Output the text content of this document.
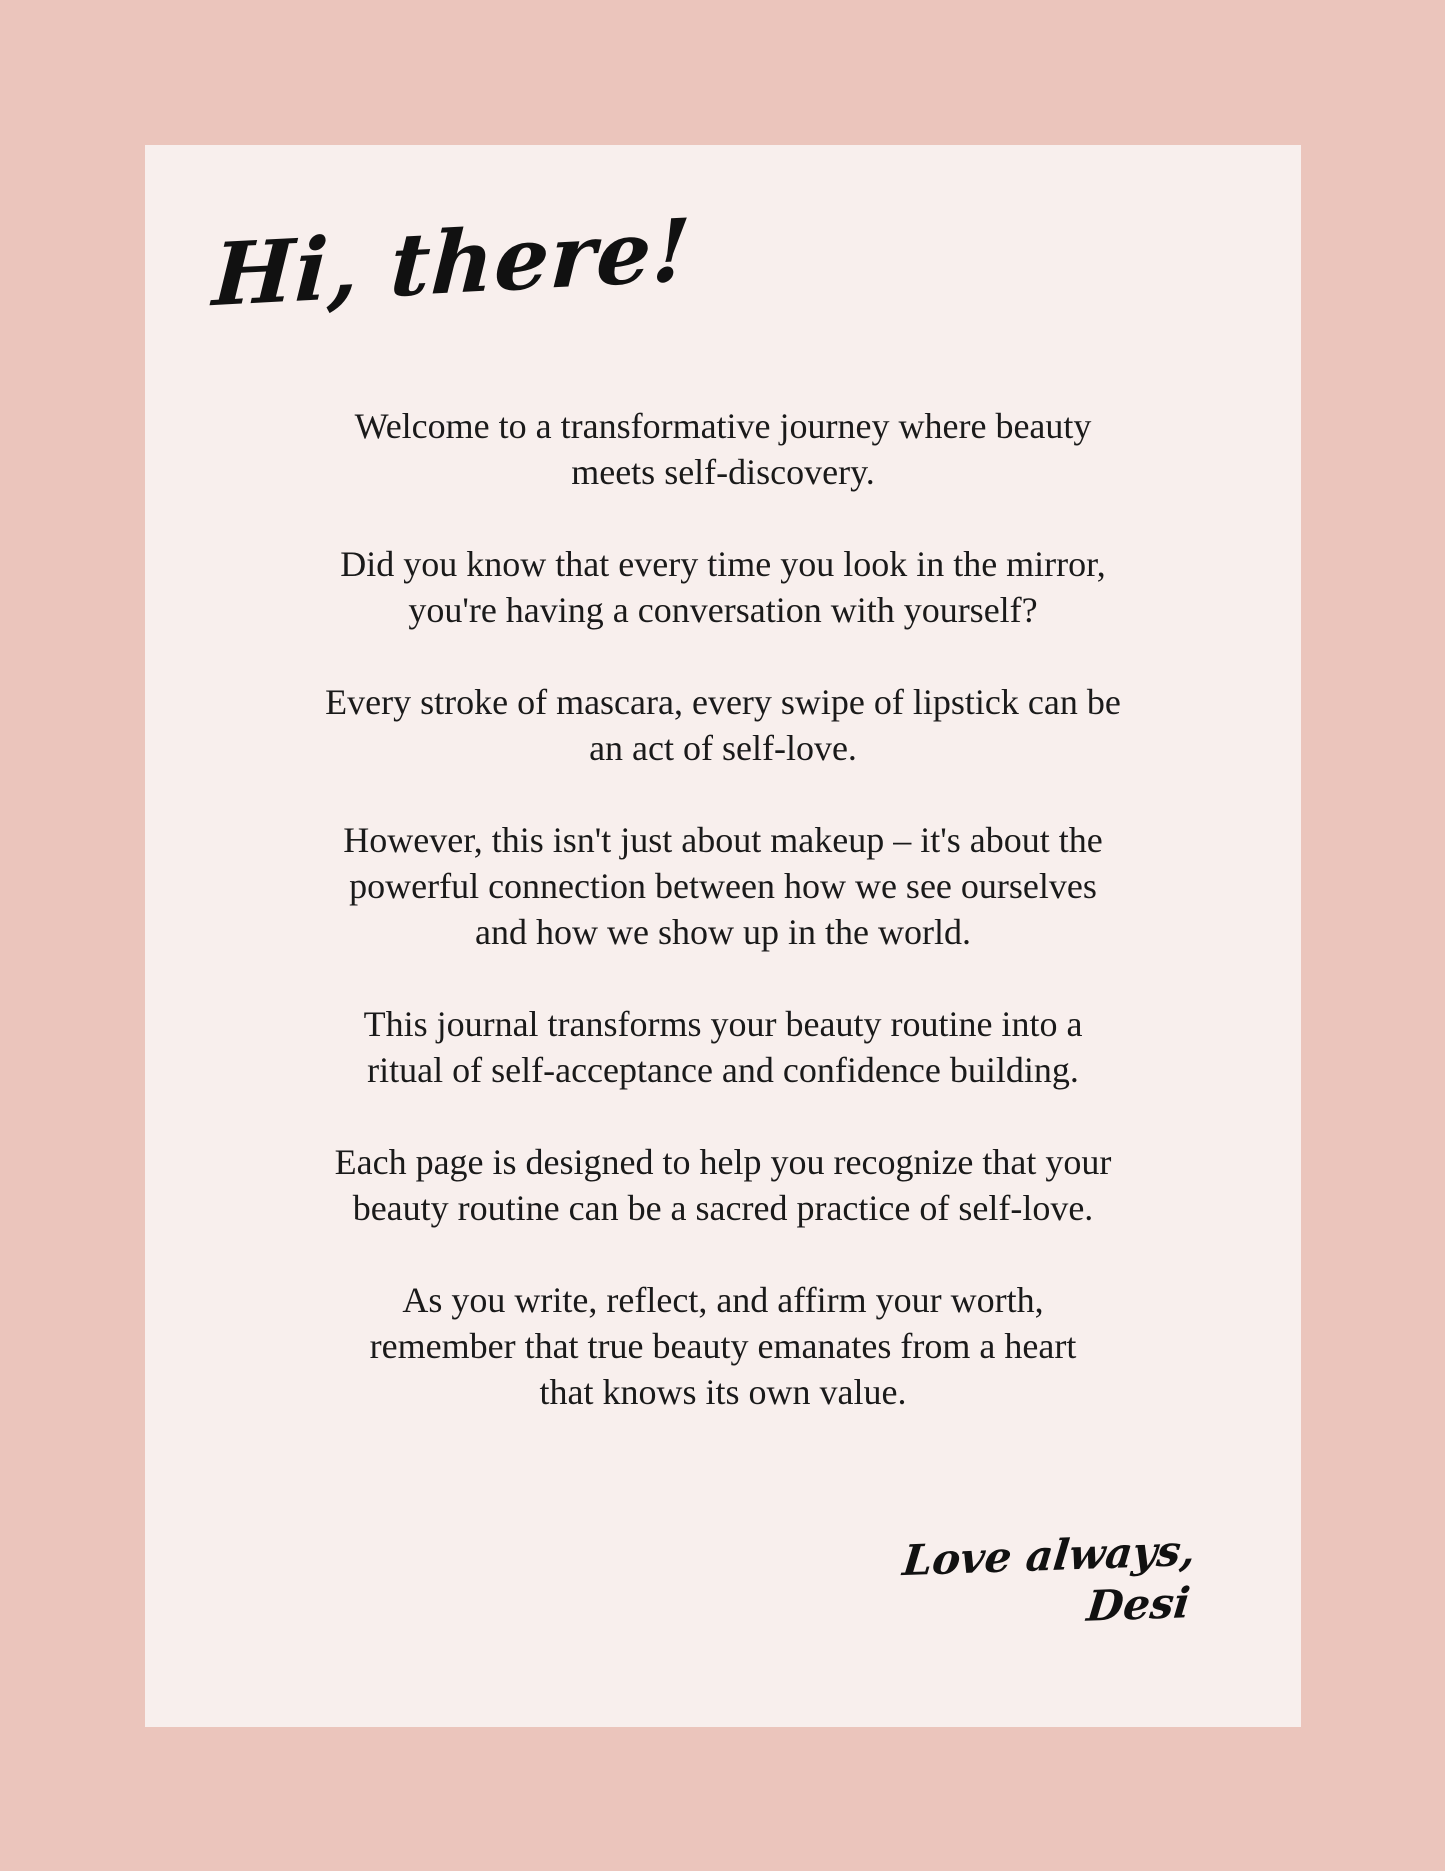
Hi, there!

Welcome to a transformative journey where beauty
meets self-discovery.

Did you know that every time you look in the mirror,
you're having a conversation with yourself?

Every stroke of mascara, every swipe of lipstick can be
an act of self-love.

However, this isn't just about makeup – it's about the
powerful connection between how we see ourselves
and how we show up in the world.

This journal transforms your beauty routine into a
ritual of self-acceptance and confidence building.

Each page is designed to help you recognize that your
beauty routine can be a sacred practice of self-love.

As you write, reflect, and affirm your worth,
remember that true beauty emanates from a heart
that knows its own value.

Love always,
Desi
